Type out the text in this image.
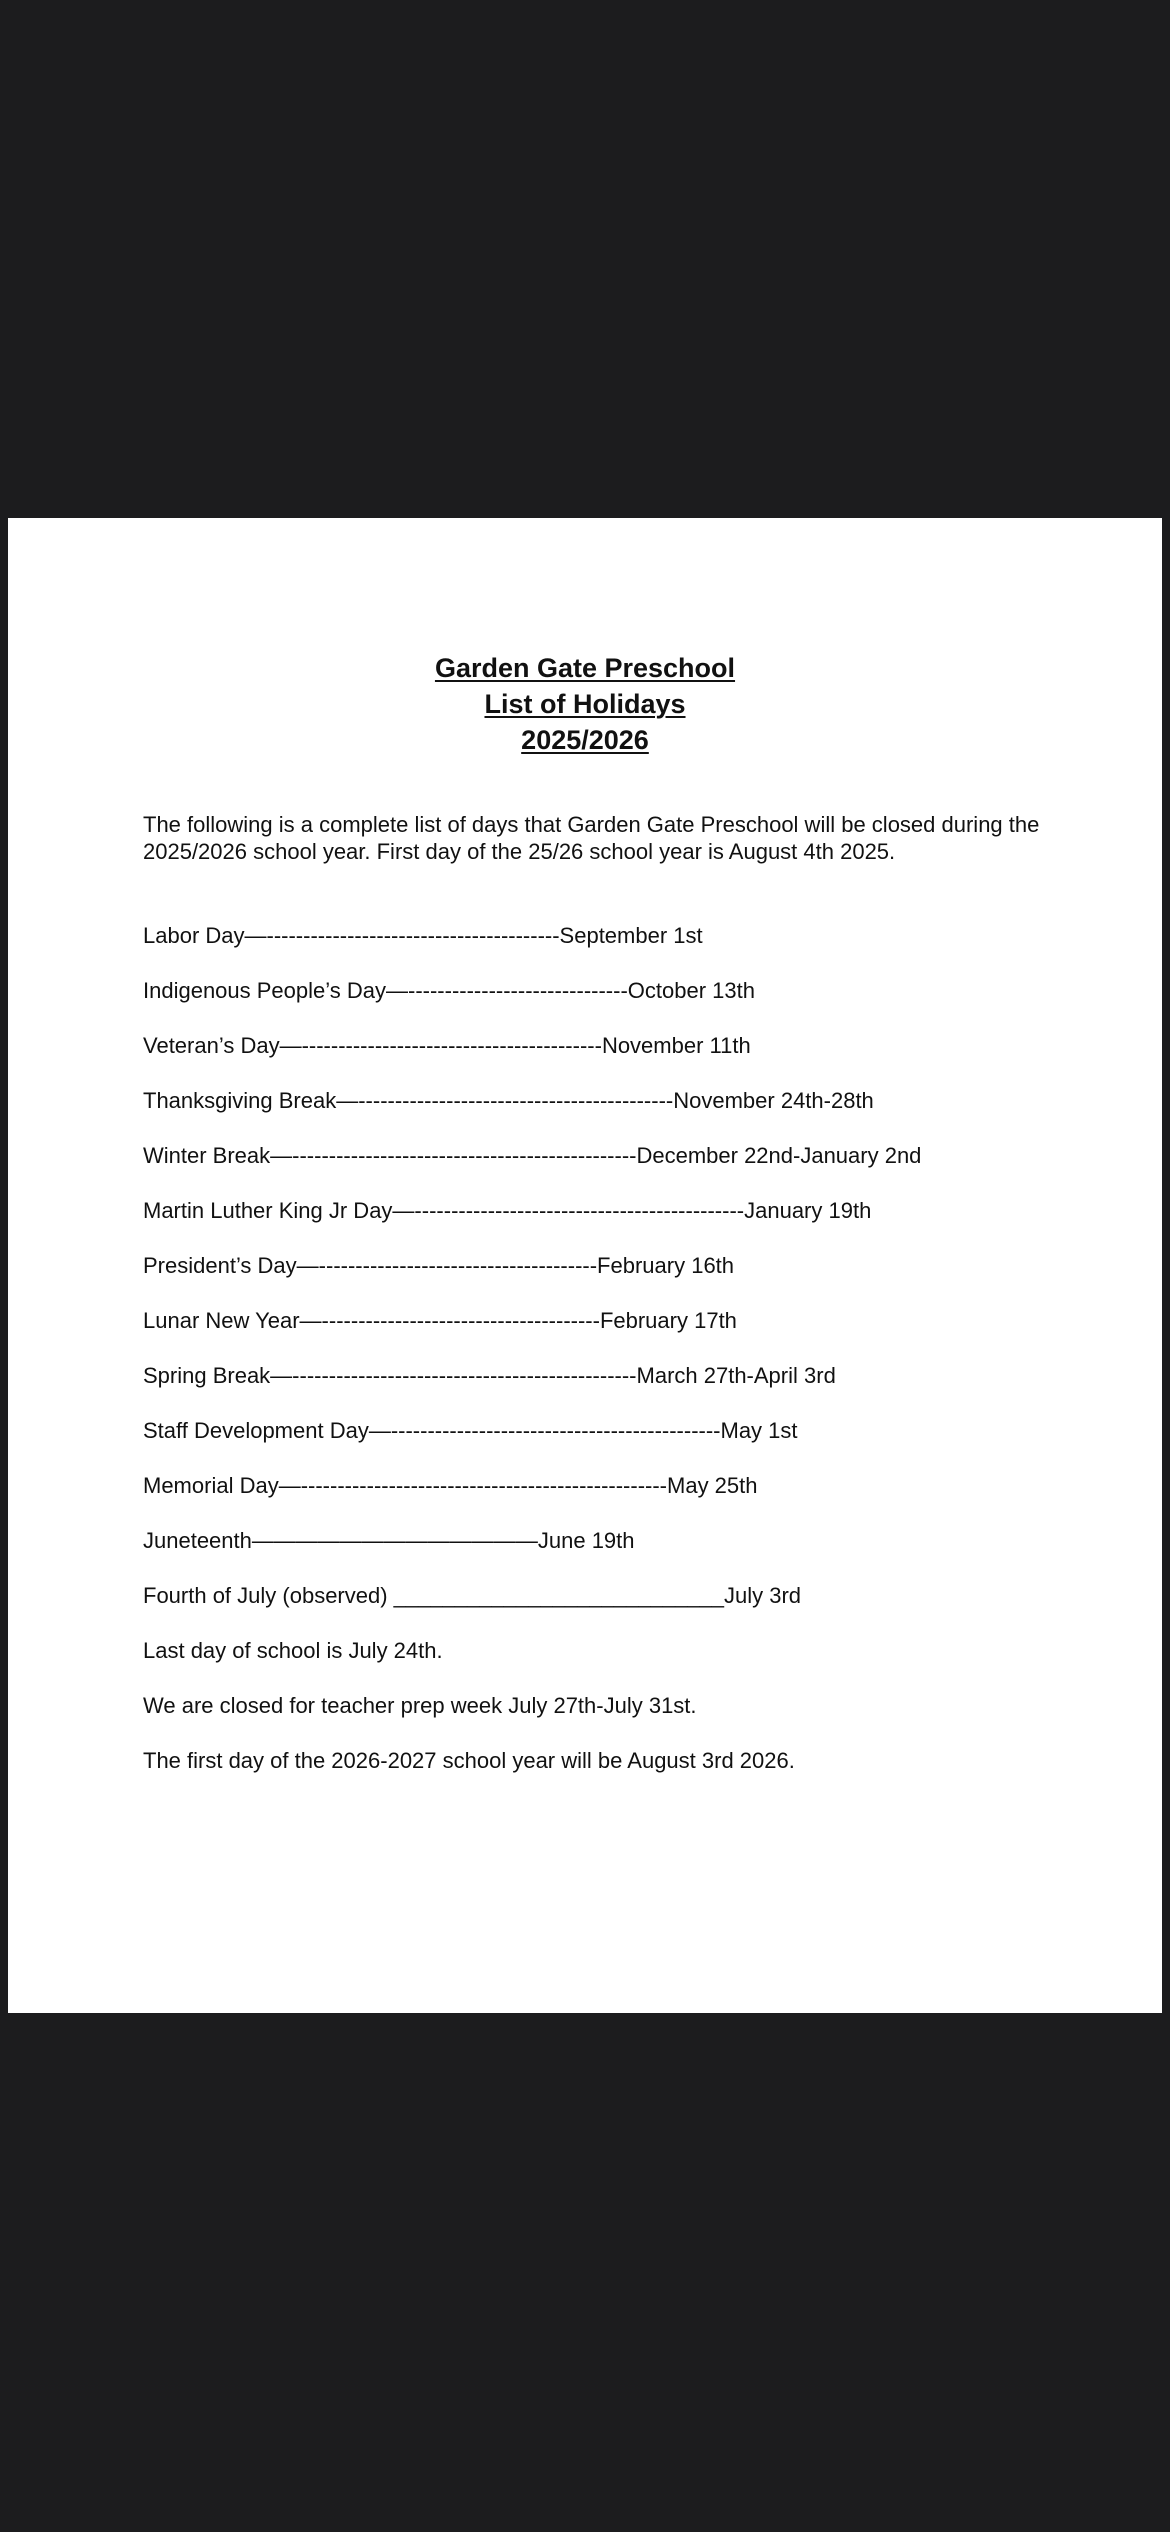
Garden Gate Preschool
List of Holidays
2025/2026
The following is a complete list of days that Garden Gate Preschool will be closed during the 2025/2026 school year. First day of the 25/26 school year is August 4th 2025.
Labor Day—----------------------------------------September 1st
Indigenous People’s Day—------------------------------October 13th
Veteran’s Day—-----------------------------------------November 11th
Thanksgiving Break—-------------------------------------------November 24th-28th
Winter Break—-----------------------------------------------December 22nd-January 2nd
Martin Luther King Jr Day—---------------------------------------------January 19th
President’s Day—--------------------------------------February 16th
Lunar New Year—--------------------------------------February 17th
Spring Break—-----------------------------------------------March 27th-April 3rd
Staff Development Day—---------------------------------------------May 1st
Memorial Day—--------------------------------------------------May 25th
Juneteenth—————————————June 19th
Fourth of July (observed) ___________________________July 3rd
Last day of school is July 24th.
We are closed for teacher prep week July 27th-July 31st.
The first day of the 2026-2027 school year will be August 3rd 2026.
